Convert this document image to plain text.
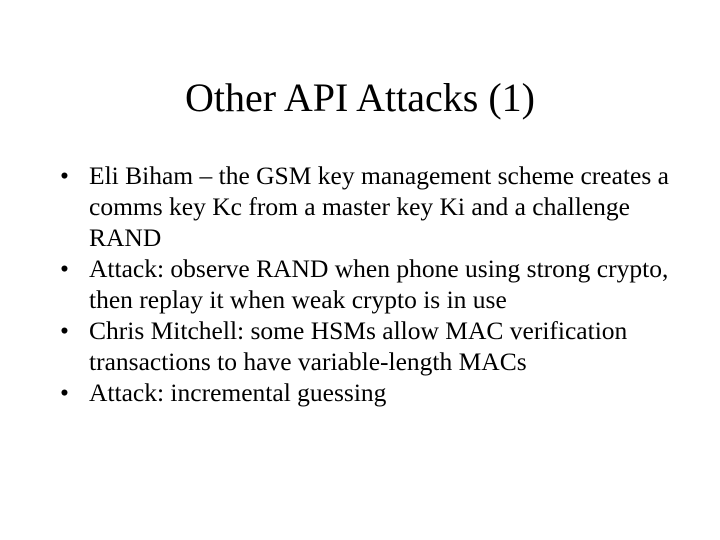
Other API Attacks (1)
• Eli Biham – the GSM key management scheme creates a comms key Kc from a master key Ki and a challenge RAND
• Attack: observe RAND when phone using strong crypto, then replay it when weak crypto is in use
• Chris Mitchell: some HSMs allow MAC verification transactions to have variable-length MACs
• Attack: incremental guessing
